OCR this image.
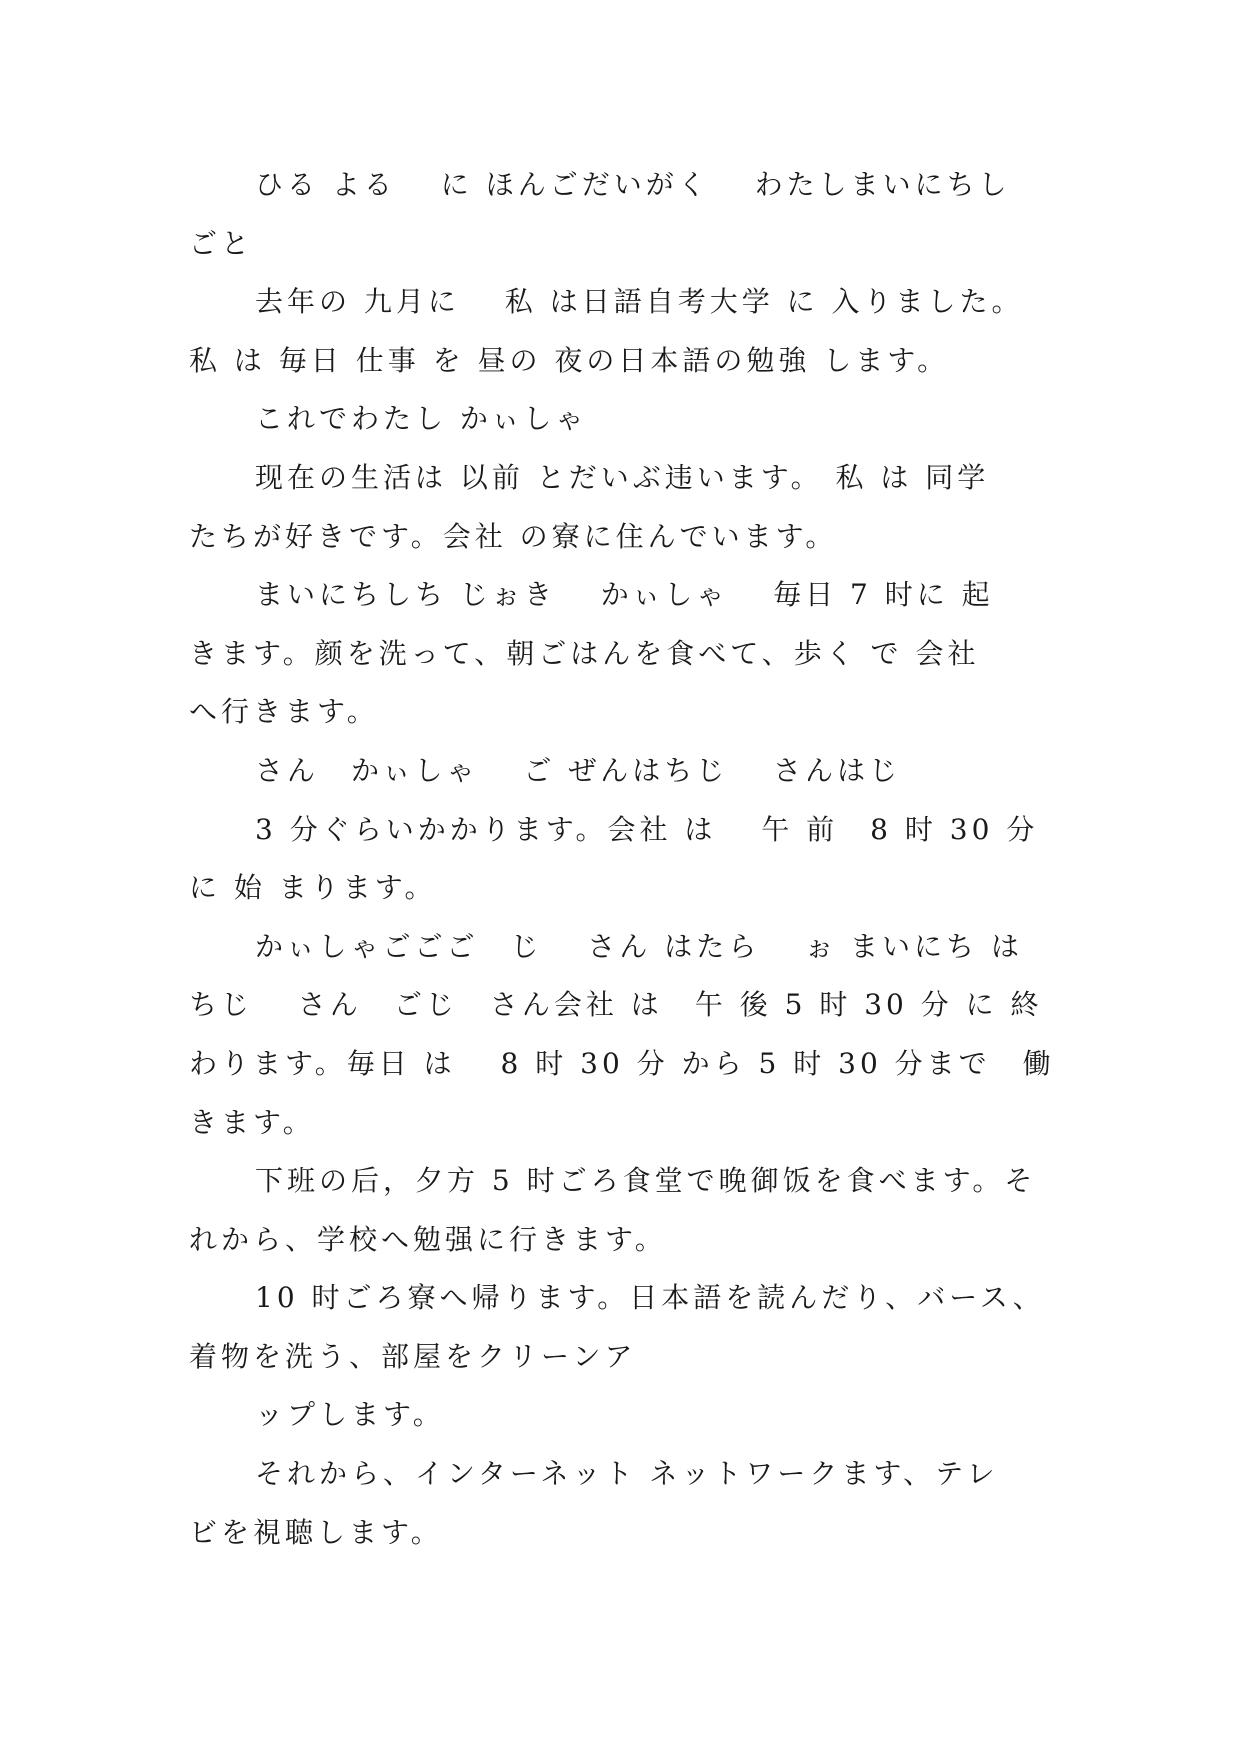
ひる よる　 に ほんごだいがく　 わたしまいにちし
ごと
去年の 九月に　 私 は日語自考大学 に 入りました。
私 は 毎日 仕事 を 昼の 夜の日本語の勉強 します。
これでわたし かぃしゃ
现在の生活は 以前 とだいぶ违います。 私 は 同学
たちが好きです。会社 の寮に住んでいます。
まいにちしち じぉき　 かぃしゃ　 毎日 7 时に 起
きます。颜を洗って、朝ごはんを食べて、歩く で 会社
へ行きます。
さん　かぃしゃ　 ご ぜんはちじ　 さんはじ
3 分ぐらいかかります。会社 は　 午 前　8 时 30 分
に 始 まります。
かぃしゃごごご　じ　 さん はたら　 ぉ まいにち は
ちじ　 さん　ごじ　さん会社 は　午 後 5 时 30 分 に 終
わります。毎日 は　 8 时 30 分 から 5 时 30 分まで　働
きます。
下班の后，夕方 5 时ごろ食堂で晚御饭を食べます。そ
れから、学校へ勉强に行きます。
10 时ごろ寮へ帰ります。日本語を読んだり、バース、
着物を洗う、部屋をクリーンア
ップします。
それから、インターネット ネットワークます、テレ
ビを視聴します。
